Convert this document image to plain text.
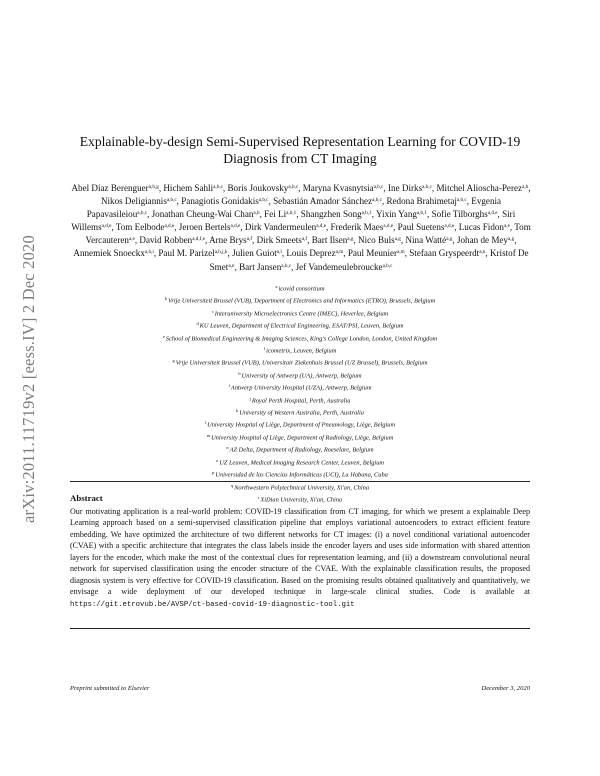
arXiv:2011.11719v2 [eess.IV] 2 Dec 2020
Explainable-by-design Semi-Supervised Representation Learning for COVID-19 Diagnosis from CT Imaging
Abel Díaz Berenguer$^{a,b,g}$, Hichem Sahli$^{a,b,c}$, Boris Joukovsky$^{a,b,c}$, Maryna Kvasnytsia$^{a,b,c}$, Ine Dirks$^{a,b,c}$, Mitchel Alioscha-Perez$^{a,b}$, Nikos Deligiannis$^{a,b,c}$, Panagiotis Gonidakis$^{a,b,c}$, Sebastián Amador Sánchez$^{a,b,c}$, Redona Brahimetaj$^{a,b,c}$, Evgenia Papavasileiou$^{a,b,c}$, Jonathan Cheung-Wai Chan$^{a,b}$, Fei Li$^{a,b,1}$, Shangzhen Song$^{a,b,1}$, Yixin Yang$^{a,b,1}$, Sofie Tilborghs$^{a,d,e}$, Siri Willems$^{a,d,e}$, Tom Eelbode$^{a,d,e}$, Jeroen Bertels$^{a,d,e}$, Dirk Vandermeulen$^{a,d,e}$, Frederik Maes$^{a,d,e}$, Paul Suetens$^{a,d,e}$, Lucas Fidon$^{a,e}$, Tom Vercauteren$^{a,e}$, David Robben$^{a,d,f,e}$, Arne Brys$^{a,f}$, Dirk Smeets$^{a,f}$, Bart Ilsen$^{a,g}$, Nico Buls$^{a,g}$, Nina Watté$^{a,g}$, Johan de Mey$^{a,g}$, Annemiek Snoeckx$^{a,h,i}$, Paul M. Parizel$^{a,h,j,k}$, Julien Guiot$^{a,l}$, Louis Deprez$^{a,m}$, Paul Meunier$^{a,m}$, Stefaan Gryspeerdt$^{a,n}$, Kristof De Smet$^{a,n}$, Bart Jansen$^{a,b,c}$, Jef Vandemeulebroucke$^{a,b,c}$
$^a$icovid consortium
$^b$Vrije Universiteit Brussel (VUB), Department of Electronics and Informatics (ETRO), Brussels, Belgium
$^c$Interuniversity Microelectronics Centre (IMEC), Heverlee, Belgium
$^d$KU Leuven, Department of Electrical Engineering, ESAT/PSI, Leuven, Belgium
$^e$School of Biomedical Engineering & Imaging Sciences, King's College London, London, United Kingdom
$^f$icometrix, Leuven, Belgium
$^g$Vrije Universiteit Brussel (VUB), Universitair Ziekenhuis Brussel (UZ Brussel), Brussels, Belgium
$^h$University of Antwerp (UA), Antwerp, Belgium
$^i$Antwerp University Hospital (UZA), Antwerp, Belgium
$^j$Royal Perth Hospital, Perth, Australia
$^k$University of Western Australia, Perth, Australia
$^l$University Hospital of Liège, Department of Pneumology, Liège, Belgium
$^m$University Hospital of Liège, Department of Radiology, Liège, Belgium
$^n$AZ Delta, Department of Radiology, Roeselare, Belgium
$^o$UZ Leuven, Medical Imaging Research Center, Leuven, Belgium
$^p$Universidad de las Ciencias Informáticas (UCI), La Habana, Cuba
$^q$Northwestern Polytechnical University, Xi'an, China
$^r$XiDian University, Xi'an, China
Abstract
Our motivating application is a real-world problem: COVID-19 classification from CT imaging, for which we present a explainable Deep Learning approach based on a semi-supervised classification pipeline that employs variational autoencoders to extract efficient feature embedding. We have optimized the architecture of two different networks for CT images: (i) a novel conditional variational autoencoder (CVAE) with a specific architecture that integrates the class labels inside the encoder layers and uses side information with shared attention layers for the encoder, which make the most of the contextual clues for representation learning, and (ii) a downstream convolutional neural network for supervised classification using the encoder structure of the CVAE. With the explainable classification results, the proposed diagnosis system is very effective for COVID-19 classification. Based on the promising results obtained qualitatively and quantitatively, we envisage a wide deployment of our developed technique in large-scale clinical studies. Code is available at https://git.etrovub.be/AVSP/ct-based-covid-19-diagnostic-tool.git
Preprint submitted to Elsevier	December 3, 2020
